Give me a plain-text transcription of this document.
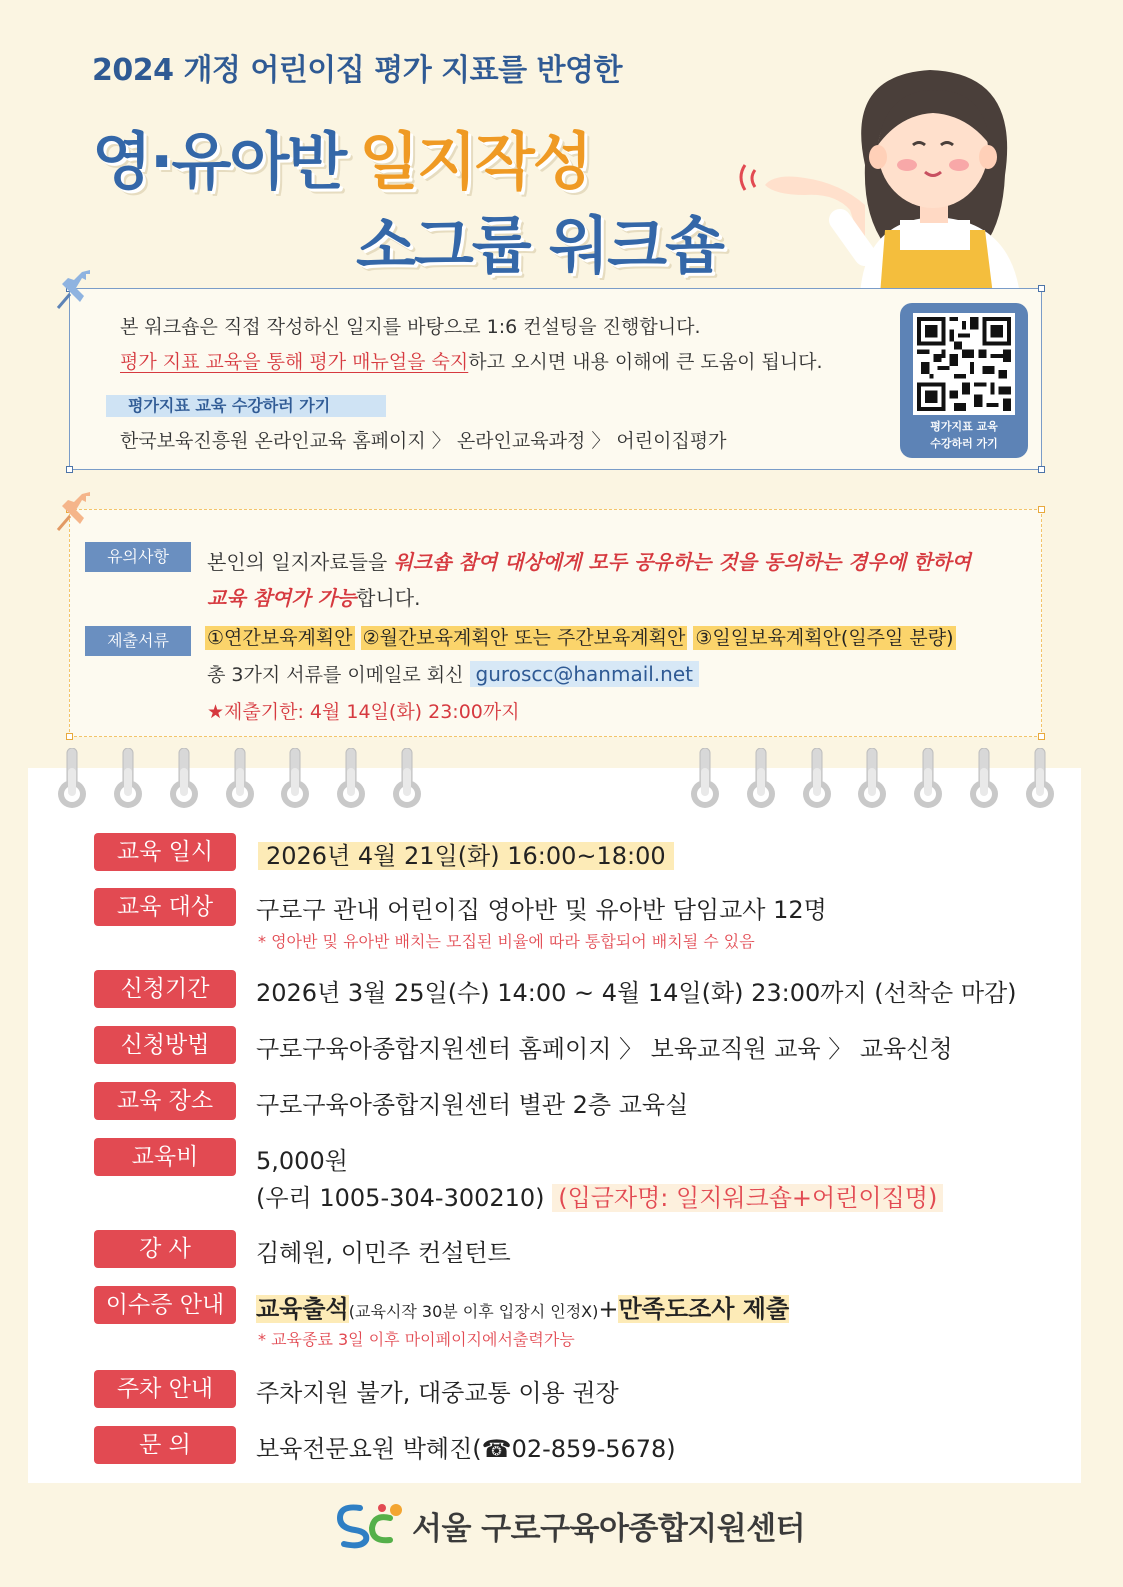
2024 개정 어린이집 평가 지표를 반영한
영·유아반 일지작성
소그룹 워크숍
본 워크숍은 직접 작성하신 일지를 바탕으로 1:6 컨설팅을 진행합니다.
평가 지표 교육을 통해 평가 매뉴얼을 숙지하고 오시면 내용 이해에 큰 도움이 됩니다.
평가지표 교육 수강하러 가기
한국보육진흥원 온라인교육 홈페이지 〉 온라인교육과정 〉 어린이집평가
평가지표 교육
수강하러 가기
유의사항	본인의 일지자료들을 워크숍 참여 대상에게 모두 공유하는 것을 동의하는 경우에 한하여
교육 참여가 가능합니다.
제출서류	①연간보육계획안 ②월간보육계획안 또는 주간보육계획안 ③일일보육계획안(일주일 분량)
총 3가지 서류를 이메일로 회신 guroscc@hanmail.net
★제출기한: 4월 14일(화) 23:00까지
교육 일시	2026년 4월 21일(화) 16:00~18:00
교육 대상	구로구 관내 어린이집 영아반 및 유아반 담임교사 12명
* 영아반 및 유아반 배치는 모집된 비율에 따라 통합되어 배치될 수 있음
신청기간	2026년 3월 25일(수) 14:00 ~ 4월 14일(화) 23:00까지 (선착순 마감)
신청방법	구로구육아종합지원센터 홈페이지 〉 보육교직원 교육 〉 교육신청
교육 장소	구로구육아종합지원센터 별관 2층 교육실
교육비	5,000원
(우리 1005-304-300210) (입금자명: 일지워크숍+어린이집명)
강 사	김혜원, 이민주 컨설턴트
이수증 안내	교육출석(교육시작 30분 이후 입장시 인정X)+만족도조사 제출
* 교육종료 3일 이후 마이페이지에서출력가능
주차 안내	주차지원 불가, 대중교통 이용 권장
문 의	보육전문요원 박혜진(☎02-859-5678)
서울 구로구육아종합지원센터
